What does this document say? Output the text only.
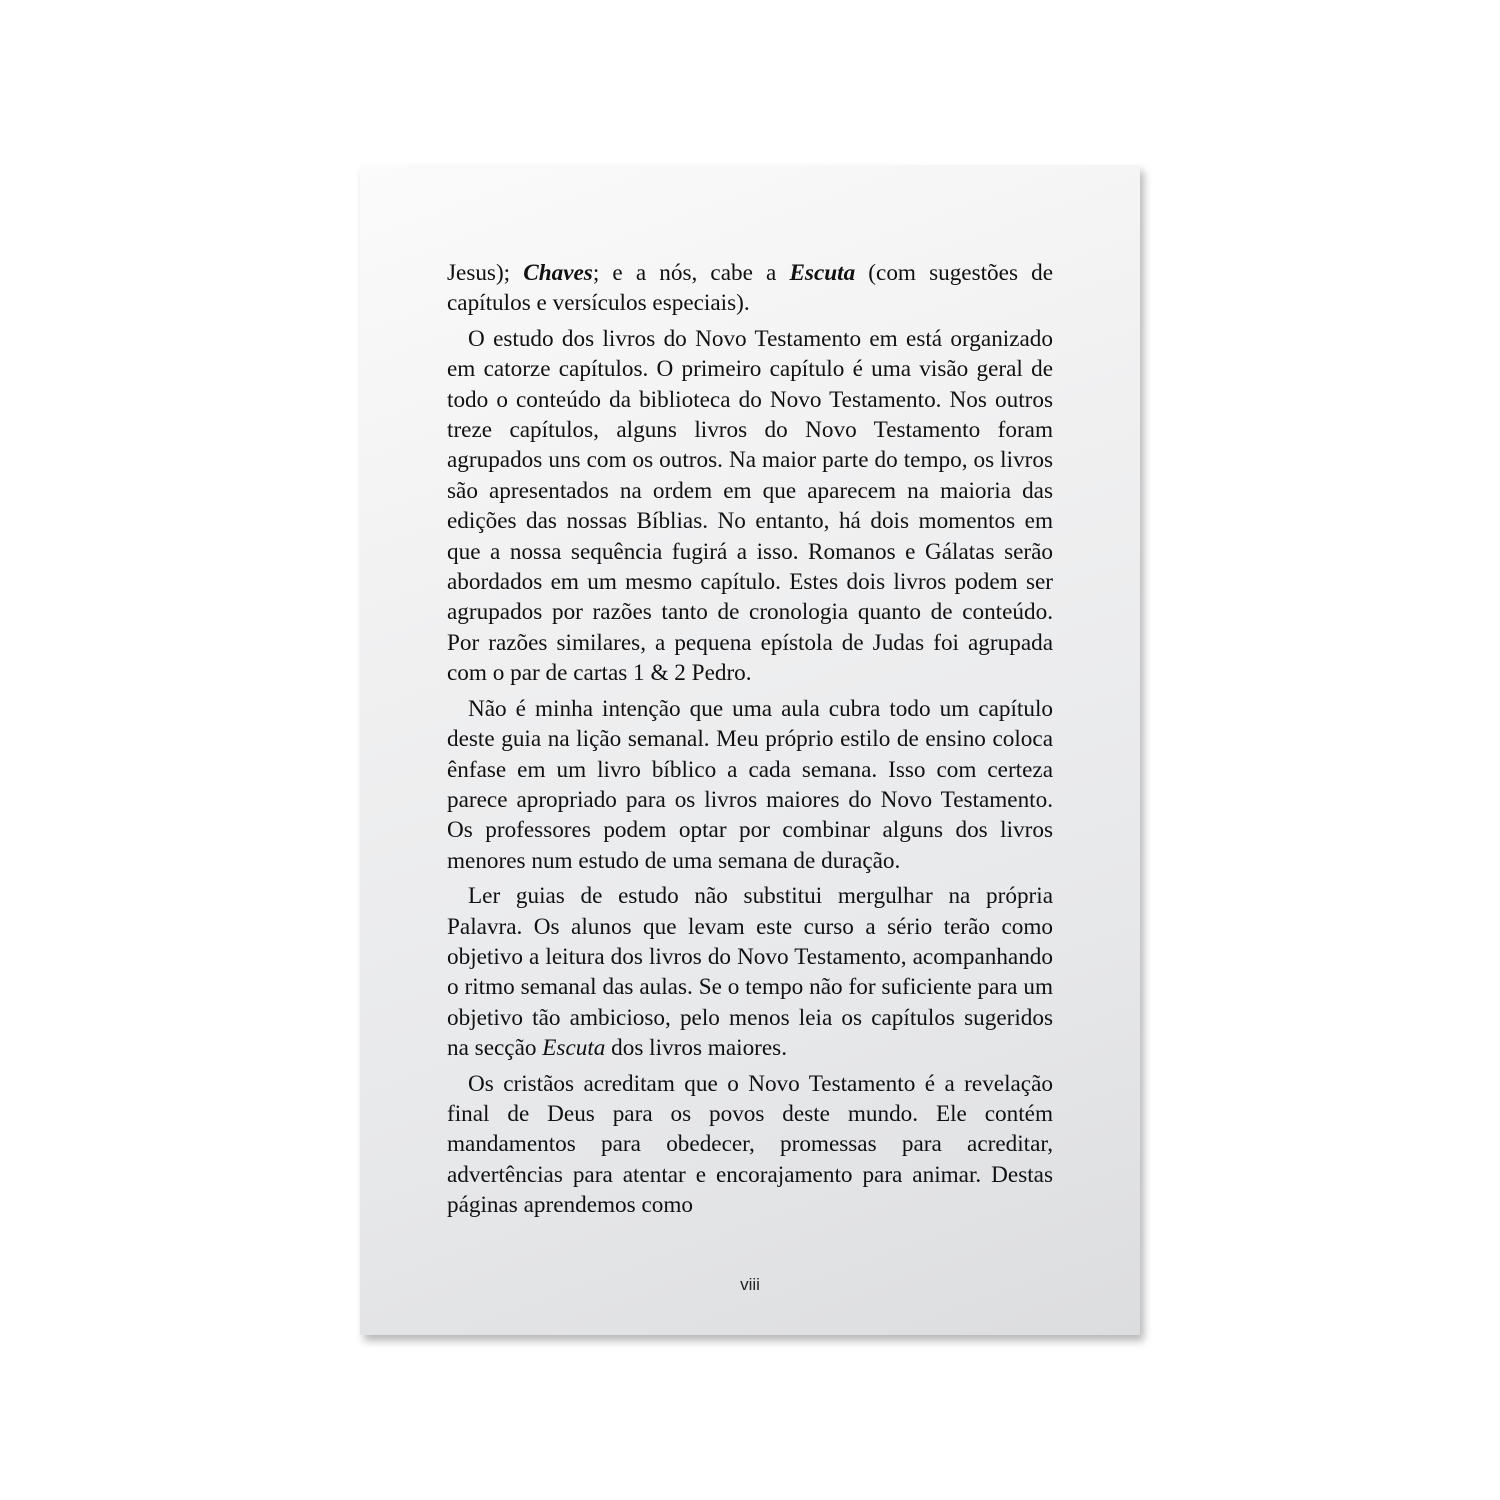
Jesus); Chaves; e a nós, cabe a Escuta (com sugestões de capítulos e versículos especiais).

O estudo dos livros do Novo Testamento em está organizado em catorze capítulos. O primeiro capítulo é uma visão geral de todo o conteúdo da biblioteca do Novo Testamento. Nos outros treze capítulos, alguns livros do Novo Testamento foram agrupados uns com os outros. Na maior parte do tempo, os livros são apresentados na ordem em que aparecem na maioria das edições das nossas Bíblias. No entanto, há dois momentos em que a nossa sequência fugirá a isso. Romanos e Gálatas serão abordados em um mesmo capítulo. Estes dois livros podem ser agrupados por razões tanto de cronologia quanto de conteúdo. Por razões similares, a pequena epístola de Judas foi agrupada com o par de cartas 1 & 2 Pedro.

Não é minha intenção que uma aula cubra todo um capítulo deste guia na lição semanal. Meu próprio estilo de ensino coloca ênfase em um livro bíblico a cada semana. Isso com certeza parece apropriado para os livros maiores do Novo Testamento. Os professores podem optar por combinar alguns dos livros menores num estudo de uma semana de duração.

Ler guias de estudo não substitui mergulhar na própria Palavra. Os alunos que levam este curso a sério terão como objetivo a leitura dos livros do Novo Testamento, acompanhando o ritmo semanal das aulas. Se o tempo não for suficiente para um objetivo tão ambicioso, pelo menos leia os capítulos sugeridos na secção Escuta dos livros maiores.

Os cristãos acreditam que o Novo Testamento é a revelação final de Deus para os povos deste mundo. Ele contém mandamentos para obedecer, promessas para acreditar, advertências para atentar e encorajamento para animar. Destas páginas aprendemos como

viii
